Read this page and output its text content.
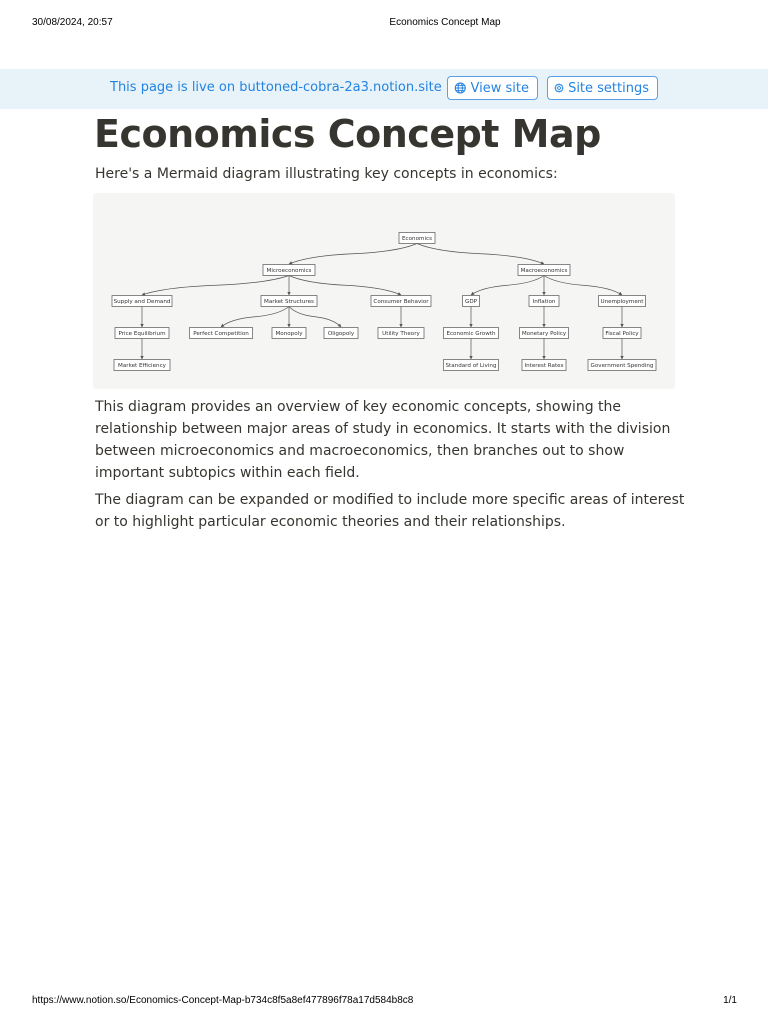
30/08/2024, 20:57	Economics Concept Map
This page is live on buttoned-cobra-2a3.notion.site View site	Site settings
Economics Concept Map
Here's a Mermaid diagram illustrating key concepts in economics:
Economics
Microeconomics	Macroeconomics
Supply and Demand	Market Structures	Consumer Behavior	GDP	Inflation	Unemployment
Price Equilibrium	Perfect Competition	Monopoly	Oligopoly	Utility Theory	Economic Growth	Monetary Policy	Fiscal Policy
Market Efficiency	Standard of Living	Interest Rates	Government Spending

This diagram provides an overview of key economic concepts, showing the relationship between major areas of study in economics. It starts with the division between microeconomics and macroeconomics, then branches out to show important subtopics within each field.

The diagram can be expanded or modified to include more specific areas of interest or to highlight particular economic theories and their relationships.

https://www.notion.so/Economics-Concept-Map-b734c8f5a8ef477896f78a17d584b8c8	1/1
